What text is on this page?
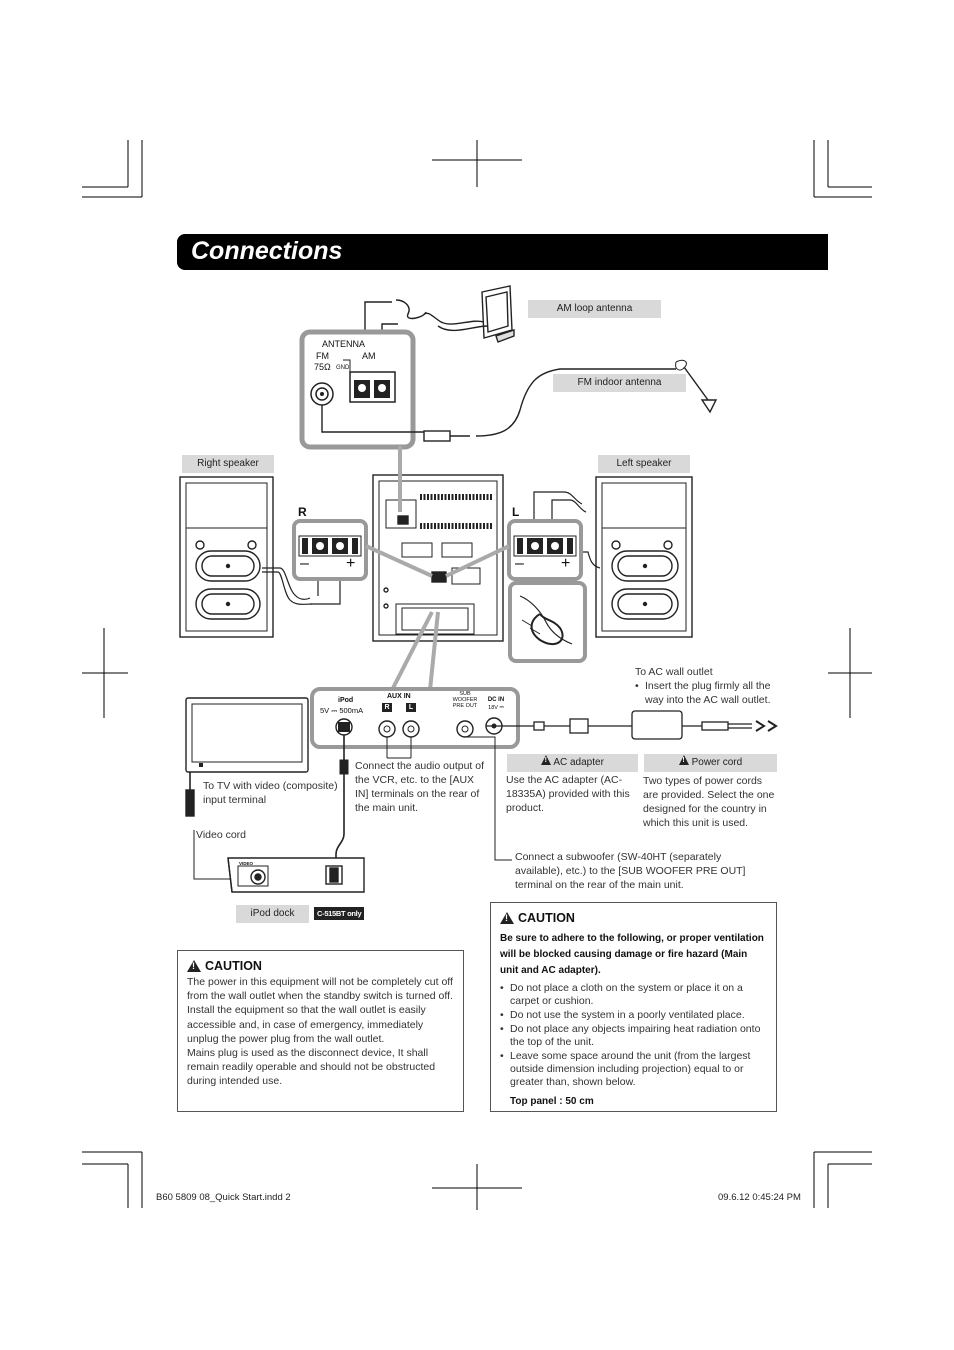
Connections
AM loop antenna
FM indoor antenna
Right speaker	Left speaker
! AC adapter
!	Power cord
iPod dock	C-515BT only
ANTENNA
FM
75Ω GND
AM
R	L
– +	– +
iPod
5V ⎓ 500mA
AUX IN
R	L
SUB
WOOFER
PRE OUT
DC IN
18V ⎓
VIDEO
To AC wall outlet
• Insert the plug firmly all the way into the AC wall outlet.
To TV with video (composite) input terminal
Video cord
Connect the audio output of the VCR, etc. to the [AUX IN] terminals on the rear of the main unit.
Use the AC adapter (AC-18335A) provided with this product.
Two types of power cords are provided. Select the one designed for the country in which this unit is used.
Connect a subwoofer (SW-40HT (separately available), etc.) to the [SUB WOOFER PRE OUT] terminal on the rear of the main unit.
!
CAUTION

The power in this equipment will not be completely cut off from the wall outlet when the standby switch is turned off.

Install the equipment so that the wall outlet is easily accessible and, in case of emergency, immediately unplug the power plug from the wall outlet.

Mains plug is used as the disconnect device, It shall remain readily operable and should not be obstructed during intended use.

!
CAUTION

Be sure to adhere to the following, or proper ventilation will be blocked causing damage or fire hazard (Main unit and AC adapter).

• Do not place a cloth on the system or place it on a carpet or cushion.
• Do not use the system in a poorly ventilated place.
• Do not place any objects impairing heat radiation onto the top of the unit.
• Leave some space around the unit (from the largest outside dimension including projection) equal to or greater than, shown below.

Top panel : 50 cm

B60 5809 08_Quick Start.indd 2	09.6.12 0:45:24 PM
